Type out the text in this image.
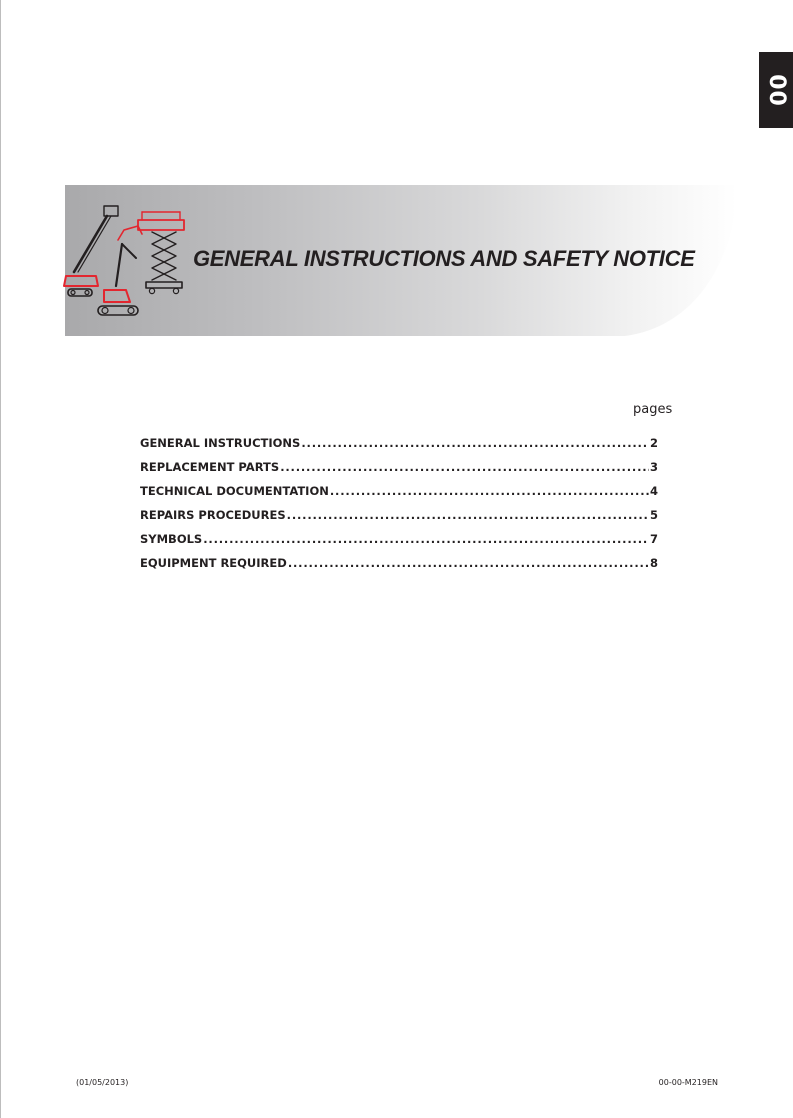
00
GENERAL INSTRUCTIONS AND SAFETY NOTICE
pages
GENERAL INSTRUCTIONS . . .	2
REPLACEMENT PARTS . . .	3
TECHNICAL DOCUMENTATION . . .	4
REPAIRS PROCEDURES . . .	5
SYMBOLS . . .	7
EQUIPMENT REQUIRED . . .	8
(01/05/2013)	00-00-M219EN
